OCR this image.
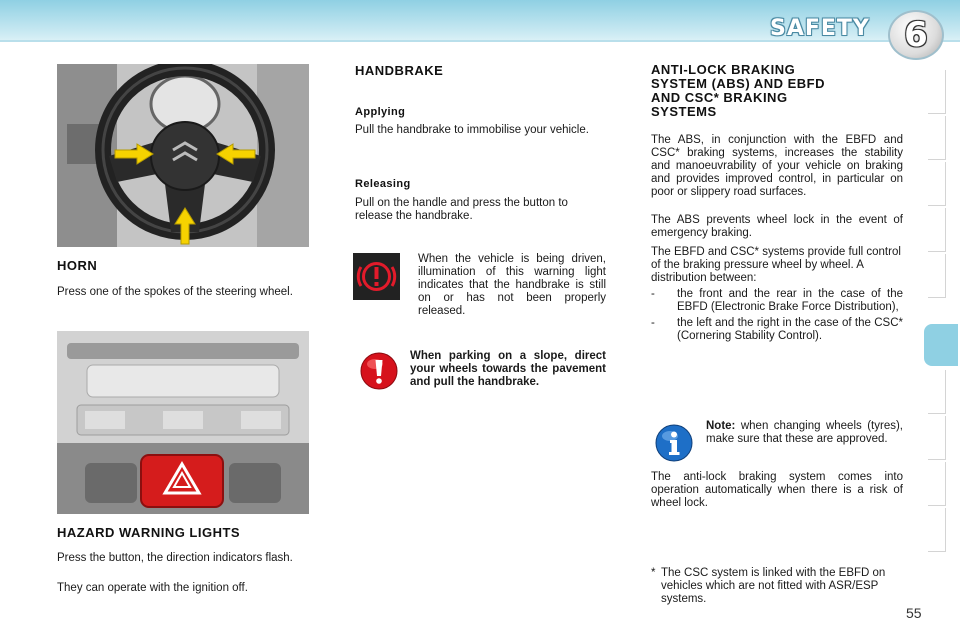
SAFETY	6
HORN
Press one of the spokes of the steering wheel.
HAZARD WARNING LIGHTS
Press the button, the direction indicators flash.
They can operate with the ignition off.
HANDBRAKE
Applying
Pull the handbrake to immobilise your vehicle.
Releasing
Pull on the handle and press the button to release the handbrake.
When the vehicle is being driven, illumination of this warning light indicates that the handbrake is still on or has not been properly released.
When parking on a slope, direct your wheels towards the pavement and pull the handbrake.
ANTI-LOCK BRAKING
SYSTEM (ABS) AND EBFD
AND CSC* BRAKING
SYSTEMS
The ABS, in conjunction with the EBFD and CSC* braking systems, increases the stability and manoeuvrability of your vehicle on braking and provides improved control, in particular on poor or slippery road surfaces.
The ABS prevents wheel lock in the event of emergency braking.
The EBFD and CSC* systems provide full control of the braking pressure wheel by wheel. A distribution between:
- the front and the rear in the case of the EBFD (Electronic Brake Force Distribution),
- the left and the right in the case of the CSC* (Cornering Stability Control).
Note: when changing wheels (tyres), make sure that these are approved.
The anti-lock braking system comes into operation automatically when there is a risk of wheel lock.
* The CSC system is linked with the EBFD on vehicles which are not fitted with ASR/ESP systems.
55
